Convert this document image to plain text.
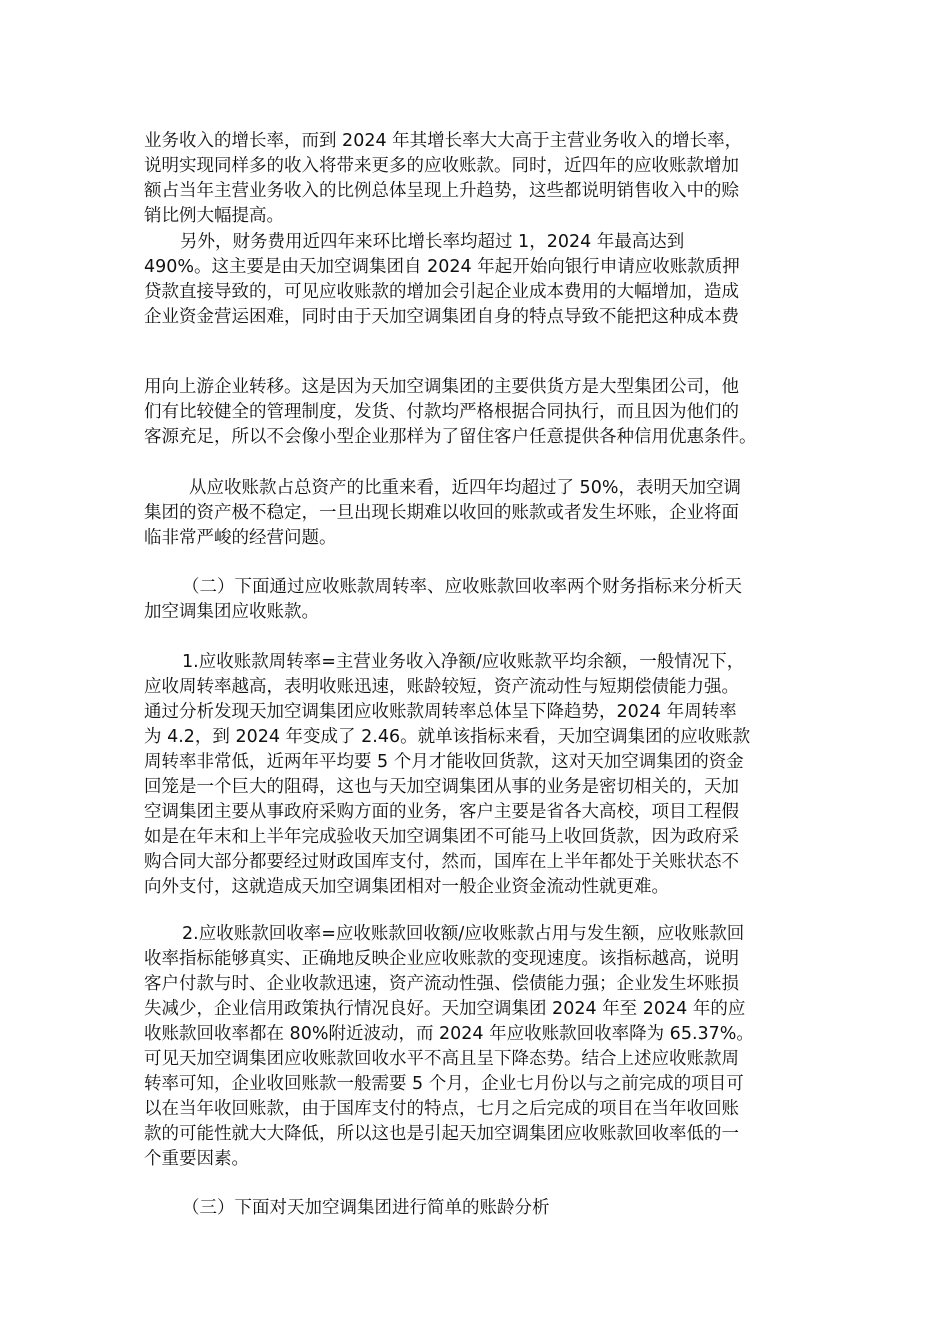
业务收入的增长率，而到 2024 年其增长率大大高于主营业务收入的增长率，
说明实现同样多的收入将带来更多的应收账款。同时，近四年的应收账款增加
额占当年主营业务收入的比例总体呈现上升趋势，这些都说明销售收入中的赊
销比例大幅提高。
另外，财务费用近四年来环比增长率均超过 1，2024 年最高达到
490%。这主要是由天加空调集团自 2024 年起开始向银行申请应收账款质押
贷款直接导致的，可见应收账款的增加会引起企业成本费用的大幅增加，造成
企业资金营运困难，同时由于天加空调集团自身的特点导致不能把这种成本费
用向上游企业转移。这是因为天加空调集团的主要供货方是大型集团公司，他
们有比较健全的管理制度，发货、付款均严格根据合同执行，而且因为他们的
客源充足，所以不会像小型企业那样为了留住客户任意提供各种信用优惠条件。
从应收账款占总资产的比重来看，近四年均超过了 50%，表明天加空调
集团的资产极不稳定，一旦出现长期难以收回的账款或者发生坏账，企业将面
临非常严峻的经营问题。
（二）下面通过应收账款周转率、应收账款回收率两个财务指标来分析天
加空调集团应收账款。
1.应收账款周转率=主营业务收入净额/应收账款平均余额，一般情况下，
应收周转率越高，表明收账迅速，账龄较短，资产流动性与短期偿债能力强。
通过分析发现天加空调集团应收账款周转率总体呈下降趋势，2024 年周转率
为 4.2，到 2024 年变成了 2.46。就单该指标来看，天加空调集团的应收账款
周转率非常低，近两年平均要 5 个月才能收回货款，这对天加空调集团的资金
回笼是一个巨大的阻碍，这也与天加空调集团从事的业务是密切相关的，天加
空调集团主要从事政府采购方面的业务，客户主要是省各大高校，项目工程假
如是在年末和上半年完成验收天加空调集团不可能马上收回货款，因为政府采
购合同大部分都要经过财政国库支付，然而，国库在上半年都处于关账状态不
向外支付，这就造成天加空调集团相对一般企业资金流动性就更难。
2.应收账款回收率=应收账款回收额/应收账款占用与发生额，应收账款回
收率指标能够真实、正确地反映企业应收账款的变现速度。该指标越高，说明
客户付款与时、企业收款迅速，资产流动性强、偿债能力强；企业发生坏账损
失减少，企业信用政策执行情况良好。天加空调集团 2024 年至 2024 年的应
收账款回收率都在 80%附近波动，而 2024 年应收账款回收率降为 65.37%。
可见天加空调集团应收账款回收水平不高且呈下降态势。结合上述应收账款周
转率可知，企业收回账款一般需要 5 个月，企业七月份以与之前完成的项目可
以在当年收回账款，由于国库支付的特点，七月之后完成的项目在当年收回账
款的可能性就大大降低，所以这也是引起天加空调集团应收账款回收率低的一
个重要因素。
（三）下面对天加空调集团进行简单的账龄分析
